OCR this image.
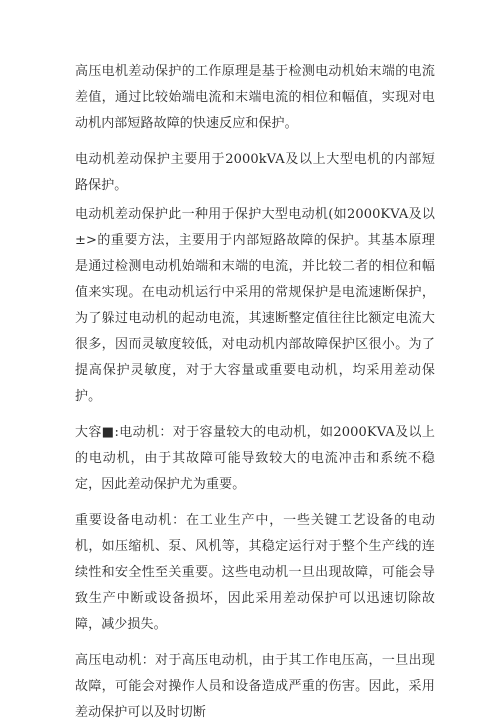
高压电机差动保护的工作原理是基于检测电动机始末端的电流差值，通过比较始端电流和末端电流的相位和幅值，实现对电动机内部短路故障的快速反应和保护。

电动机差动保护主要用于2000kVA及以上大型电机的内部短路保护。

电动机差动保护此一种用于保护大型电动机(如2000KVA及以±>的重要方法，主要用于内部短路故障的保护。其基本原理是通过检测电动机始端和末端的电流，并比较二者的相位和幅值来实现。在电动机运行中采用的常规保护是电流速断保护，为了躲过电动机的起动电流，其速断整定值往往比额定电流大很多，因而灵敏度较低，对电动机内部故障保护区很小。为了提高保护灵敏度，对于大容量或重要电动机，均采用差动保护。

大容■:电动机：对于容量较大的电动机，如2000KVA及以上的电动机，由于其故障可能导致较大的电流冲击和系统不稳定，因此差动保护尤为重要。

重要设备电动机：在工业生产中，一些关键工艺设备的电动机，如压缩机、泵、风机等，其稳定运行对于整个生产线的连续性和安全性至关重要。这些电动机一旦出现故障，可能会导致生产中断或设备损坏，因此采用差动保护可以迅速切除故障，减少损失。

高压电动机：对于高压电动机，由于其工作电压高，一旦出现故障，可能会对操作人员和设备造成严重的伤害。因此，采用差动保护可以及时切断
